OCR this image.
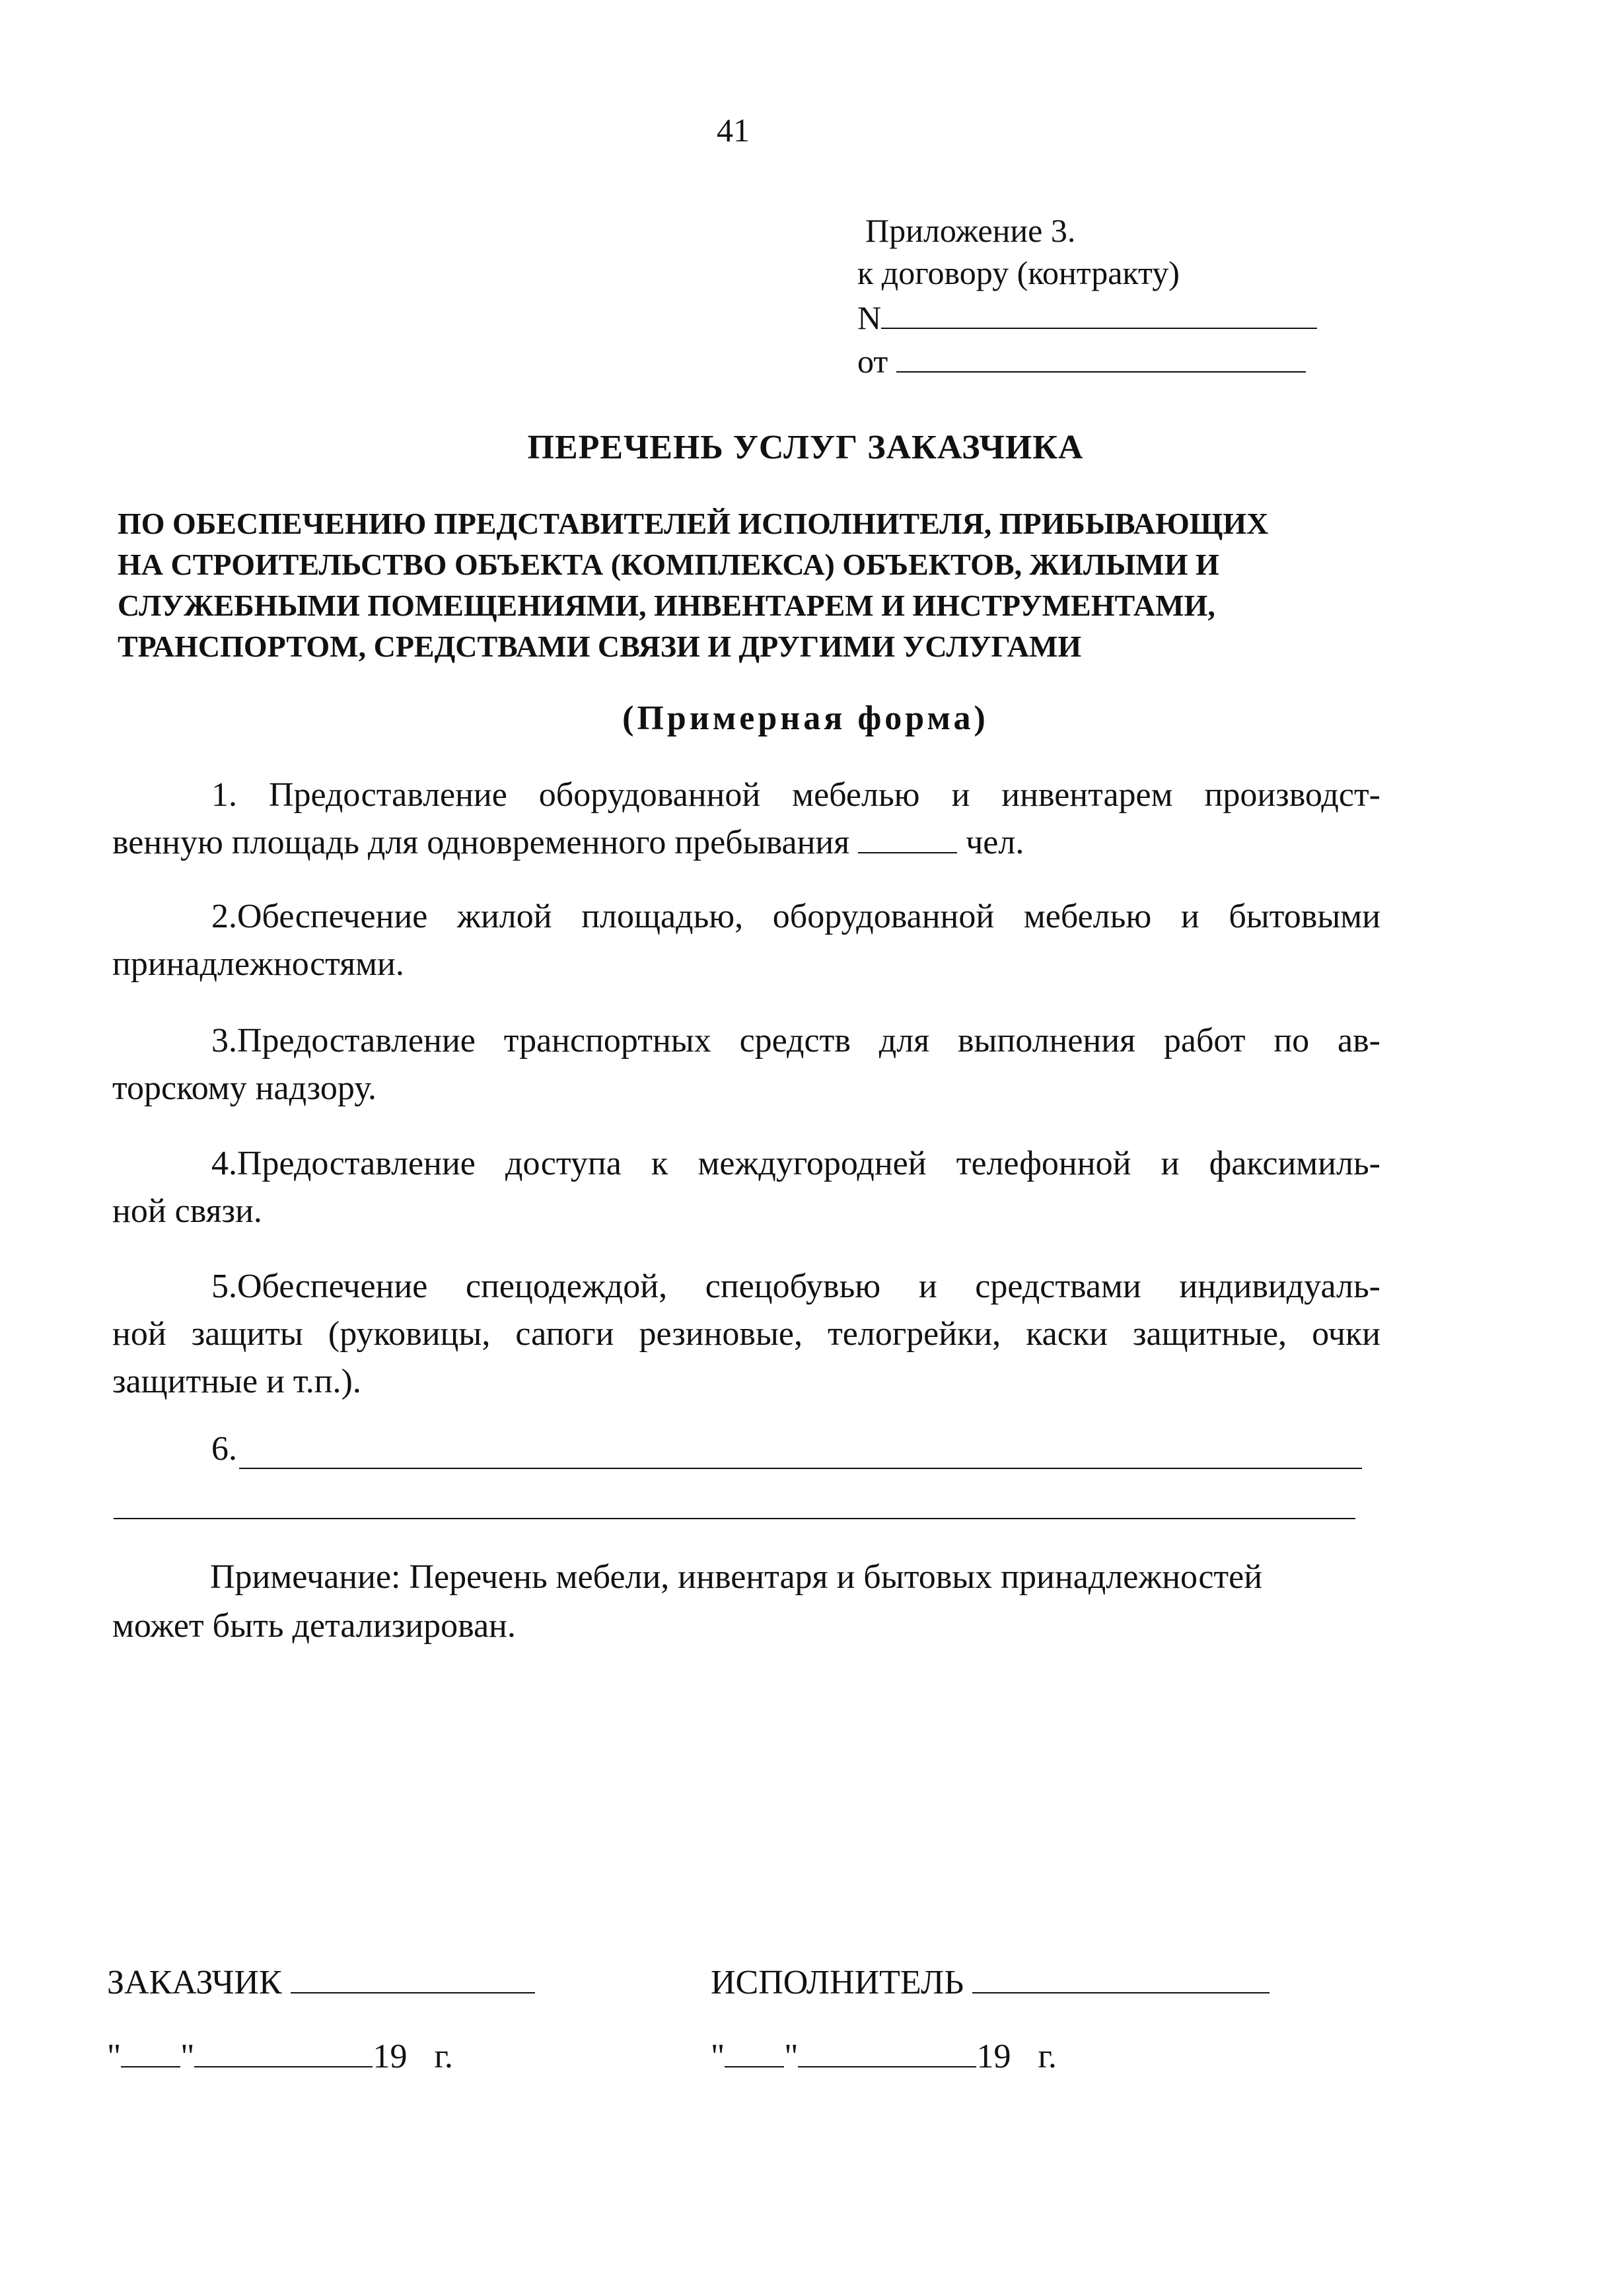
41
Приложение 3.
к договору (контракту)
N
от
ПЕРЕЧЕНЬ УСЛУГ ЗАКАЗЧИКА
ПО ОБЕСПЕЧЕНИЮ ПРЕДСТАВИТЕЛЕЙ ИСПОЛНИТЕЛЯ, ПРИБЫВАЮЩИХ
НА СТРОИТЕЛЬСТВО ОБЪЕКТА (КОМПЛЕКСА) ОБЪЕКТОВ, ЖИЛЫМИ И
СЛУЖЕБНЫМИ ПОМЕЩЕНИЯМИ, ИНВЕНТАРЕМ И ИНСТРУМЕНТАМИ,
ТРАНСПОРТОМ, СРЕДСТВАМИ СВЯЗИ И ДРУГИМИ УСЛУГАМИ
(Примерная форма)
1. Предоставление оборудованной мебелью и инвентарем производст-
венную площадь для одновременного пребывания	чел.
2.Обеспечение жилой площадью, оборудованной мебелью и бытовыми
принадлежностями.
3.Предоставление транспортных средств для выполнения работ по ав-
торскому надзору.
4.Предоставление доступа к междугородней телефонной и факсимиль-
ной связи.
5.Обеспечение спецодеждой, спецобувью и средствами индивидуаль-
ной защиты (руковицы, сапоги резиновые, телогрейки, каски защитные, очки
защитные и т.п.).
6.
Примечание: Перечень мебели, инвентаря и бытовых принадлежностей
может быть детализирован.
ЗАКАЗЧИК
" "	19 г.
ИСПОЛНИТЕЛЬ
" "	19 г.
